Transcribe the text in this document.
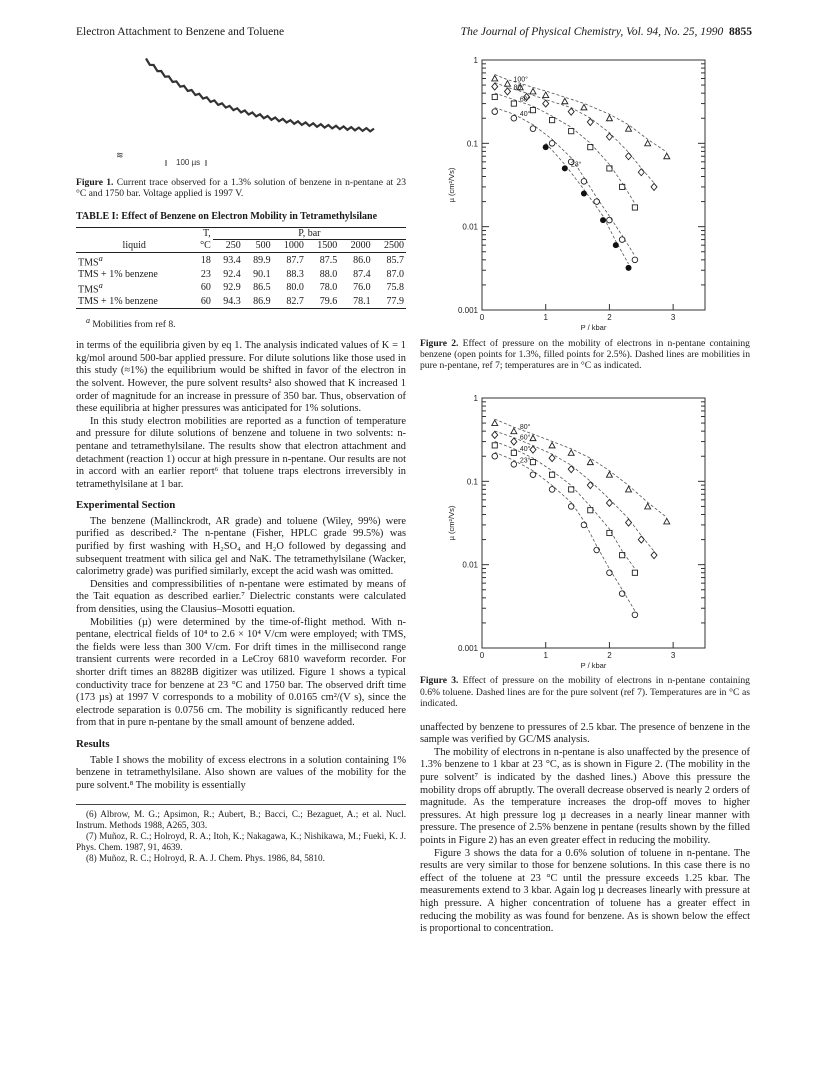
Electron Attachment to Benzene and Toluene	The Journal of Physical Chemistry, Vol. 94, No. 25, 1990 8855
100 µs
≋
Figure 1. Current trace observed for a 1.3% solution of benzene in n-pentane at 23 °C and 1750 bar. Voltage applied is 1997 V.
TABLE I: Effect of Benzene on Electron Mobility in Tetramethylsilane
	T,	P, bar					
liquid	°C	250	500	1000	1500	2000	2500
TMS$^a$	18	93.4	89.9	87.7	87.5	86.0	85.7
TMS + 1% benzene	23	92.4	90.1	88.3	88.0	87.4	87.0
TMS$^a$	60	92.9	86.5	80.0	78.0	76.0	75.8
TMS + 1% benzene	60	94.3	86.9	82.7	79.6	78.1	77.9
$^a$ Mobilities from ref 8.

in terms of the equilibria given by eq 1. The analysis indicated values of K = 1 kg/mol around 500-bar applied pressure. For dilute solutions like those used in this study (≈1%) the equilibrium would be shifted in favor of the electron in the solvent. However, the pure solvent results² also showed that K increased 1 order of magnitude for an increase in pressure of 350 bar. Thus, observation of these equilibria at higher pressures was anticipated for 1% solutions.

In this study electron mobilities are reported as a function of temperature and pressure for dilute solutions of benzene and toluene in two solvents: n-pentane and tetramethylsilane. The results show that electron attachment and detachment (reaction 1) occur at high pressure in n-pentane. Our results are not in accord with an earlier report⁶ that toluene traps electrons irreversibly in tetramethylsilane at 1 bar.

Experimental Section

The benzene (Mallinckrodt, AR grade) and toluene (Wiley, 99%) were purified as described.² The n-pentane (Fisher, HPLC grade 99.5%) was purified by first washing with H₂SO₄ and H₂O followed by degassing and subsequent treatment with silica gel and NaK. The tetramethylsilane (Wacker, calorimetry grade) was purified similarly, except the acid wash was omitted.

Densities and compressibilities of n-pentane were estimated by means of the Tait equation as described earlier.⁷ Dielectric constants were calculated from densities, using the Clausius–Mosotti equation.

Mobilities (µ) were determined by the time-of-flight method. With n-pentane, electrical fields of 10⁴ to 2.6 × 10⁴ V/cm were employed; with TMS, the fields were less than 300 V/cm. For drift times in the millisecond range transient currents were recorded in a LeCroy 6810 waveform recorder. For shorter drift times an 8828B digitizer was utilized. Figure 1 shows a typical conductivity trace for benzene at 23 °C and 1750 bar. The observed drift time (173 µs) at 1997 V corresponds to a mobility of 0.0165 cm²/(V s), since the electrode separation is 0.0756 cm. The mobility is significantly reduced here from that in pure n-pentane by the small amount of benzene added.

Results

Table I shows the mobility of excess electrons in a solution containing 1% benzene in tetramethylsilane. Also shown are values of the mobility for the pure solvent.⁸ The mobility is essentially

(6) Albrow, M. G.; Apsimon, R.; Aubert, B.; Bacci, C.; Bezaguet, A.; et al. Nucl. Instrum. Methods 1988, A265, 303.
(7) Muñoz, R. C.; Holroyd, R. A.; Itoh, K.; Nakagawa, K.; Nishikawa, M.; Fueki, K. J. Phys. Chem. 1987, 91, 4639.
(8) Muñoz, R. C.; Holroyd, R. A. J. Chem. Phys. 1986, 84, 5810.
0.001
0.01
0.1
1
0	1	2	3
P / kbar
µ (cm²/Vs)
100°
80°
60°
40°
23°
Figure 2. Effect of pressure on the mobility of electrons in n-pentane containing benzene (open points for 1.3%, filled points for 2.5%). Dashed lines are mobilities in pure n-pentane, ref 7; temperatures are in °C as indicated.
0.001
0.01
0.1
1
0	1	2	3
P / kbar
µ (cm²/Vs)
80°
60°
40°
23°
Figure 3. Effect of pressure on the mobility of electrons in n-pentane containing 0.6% toluene. Dashed lines are for the pure solvent (ref 7). Temperatures are in °C as indicated.

unaffected by benzene to pressures of 2.5 kbar. The presence of benzene in the sample was verified by GC/MS analysis.

The mobility of electrons in n-pentane is also unaffected by the presence of 1.3% benzene to 1 kbar at 23 °C, as is shown in Figure 2. (The mobility in the pure solvent⁷ is indicated by the dashed lines.) Above this pressure the mobility drops off abruptly. The overall decrease observed is nearly 2 orders of magnitude. As the temperature increases the drop-off moves to higher pressures. At high pressure log µ decreases in a nearly linear manner with pressure. The presence of 2.5% benzene in pentane (results shown by the filled points in Figure 2) has an even greater effect in reducing the mobility.

Figure 3 shows the data for a 0.6% solution of toluene in n-pentane. The results are very similar to those for benzene solutions. In this case there is no effect of the toluene at 23 °C until the pressure exceeds 1.25 kbar. The measurements extend to 3 kbar. Again log µ decreases linearly with pressure at high pressure. A higher concentration of toluene has a greater effect in reducing the mobility as was found for benzene. As is shown below the effect is proportional to concentration.
